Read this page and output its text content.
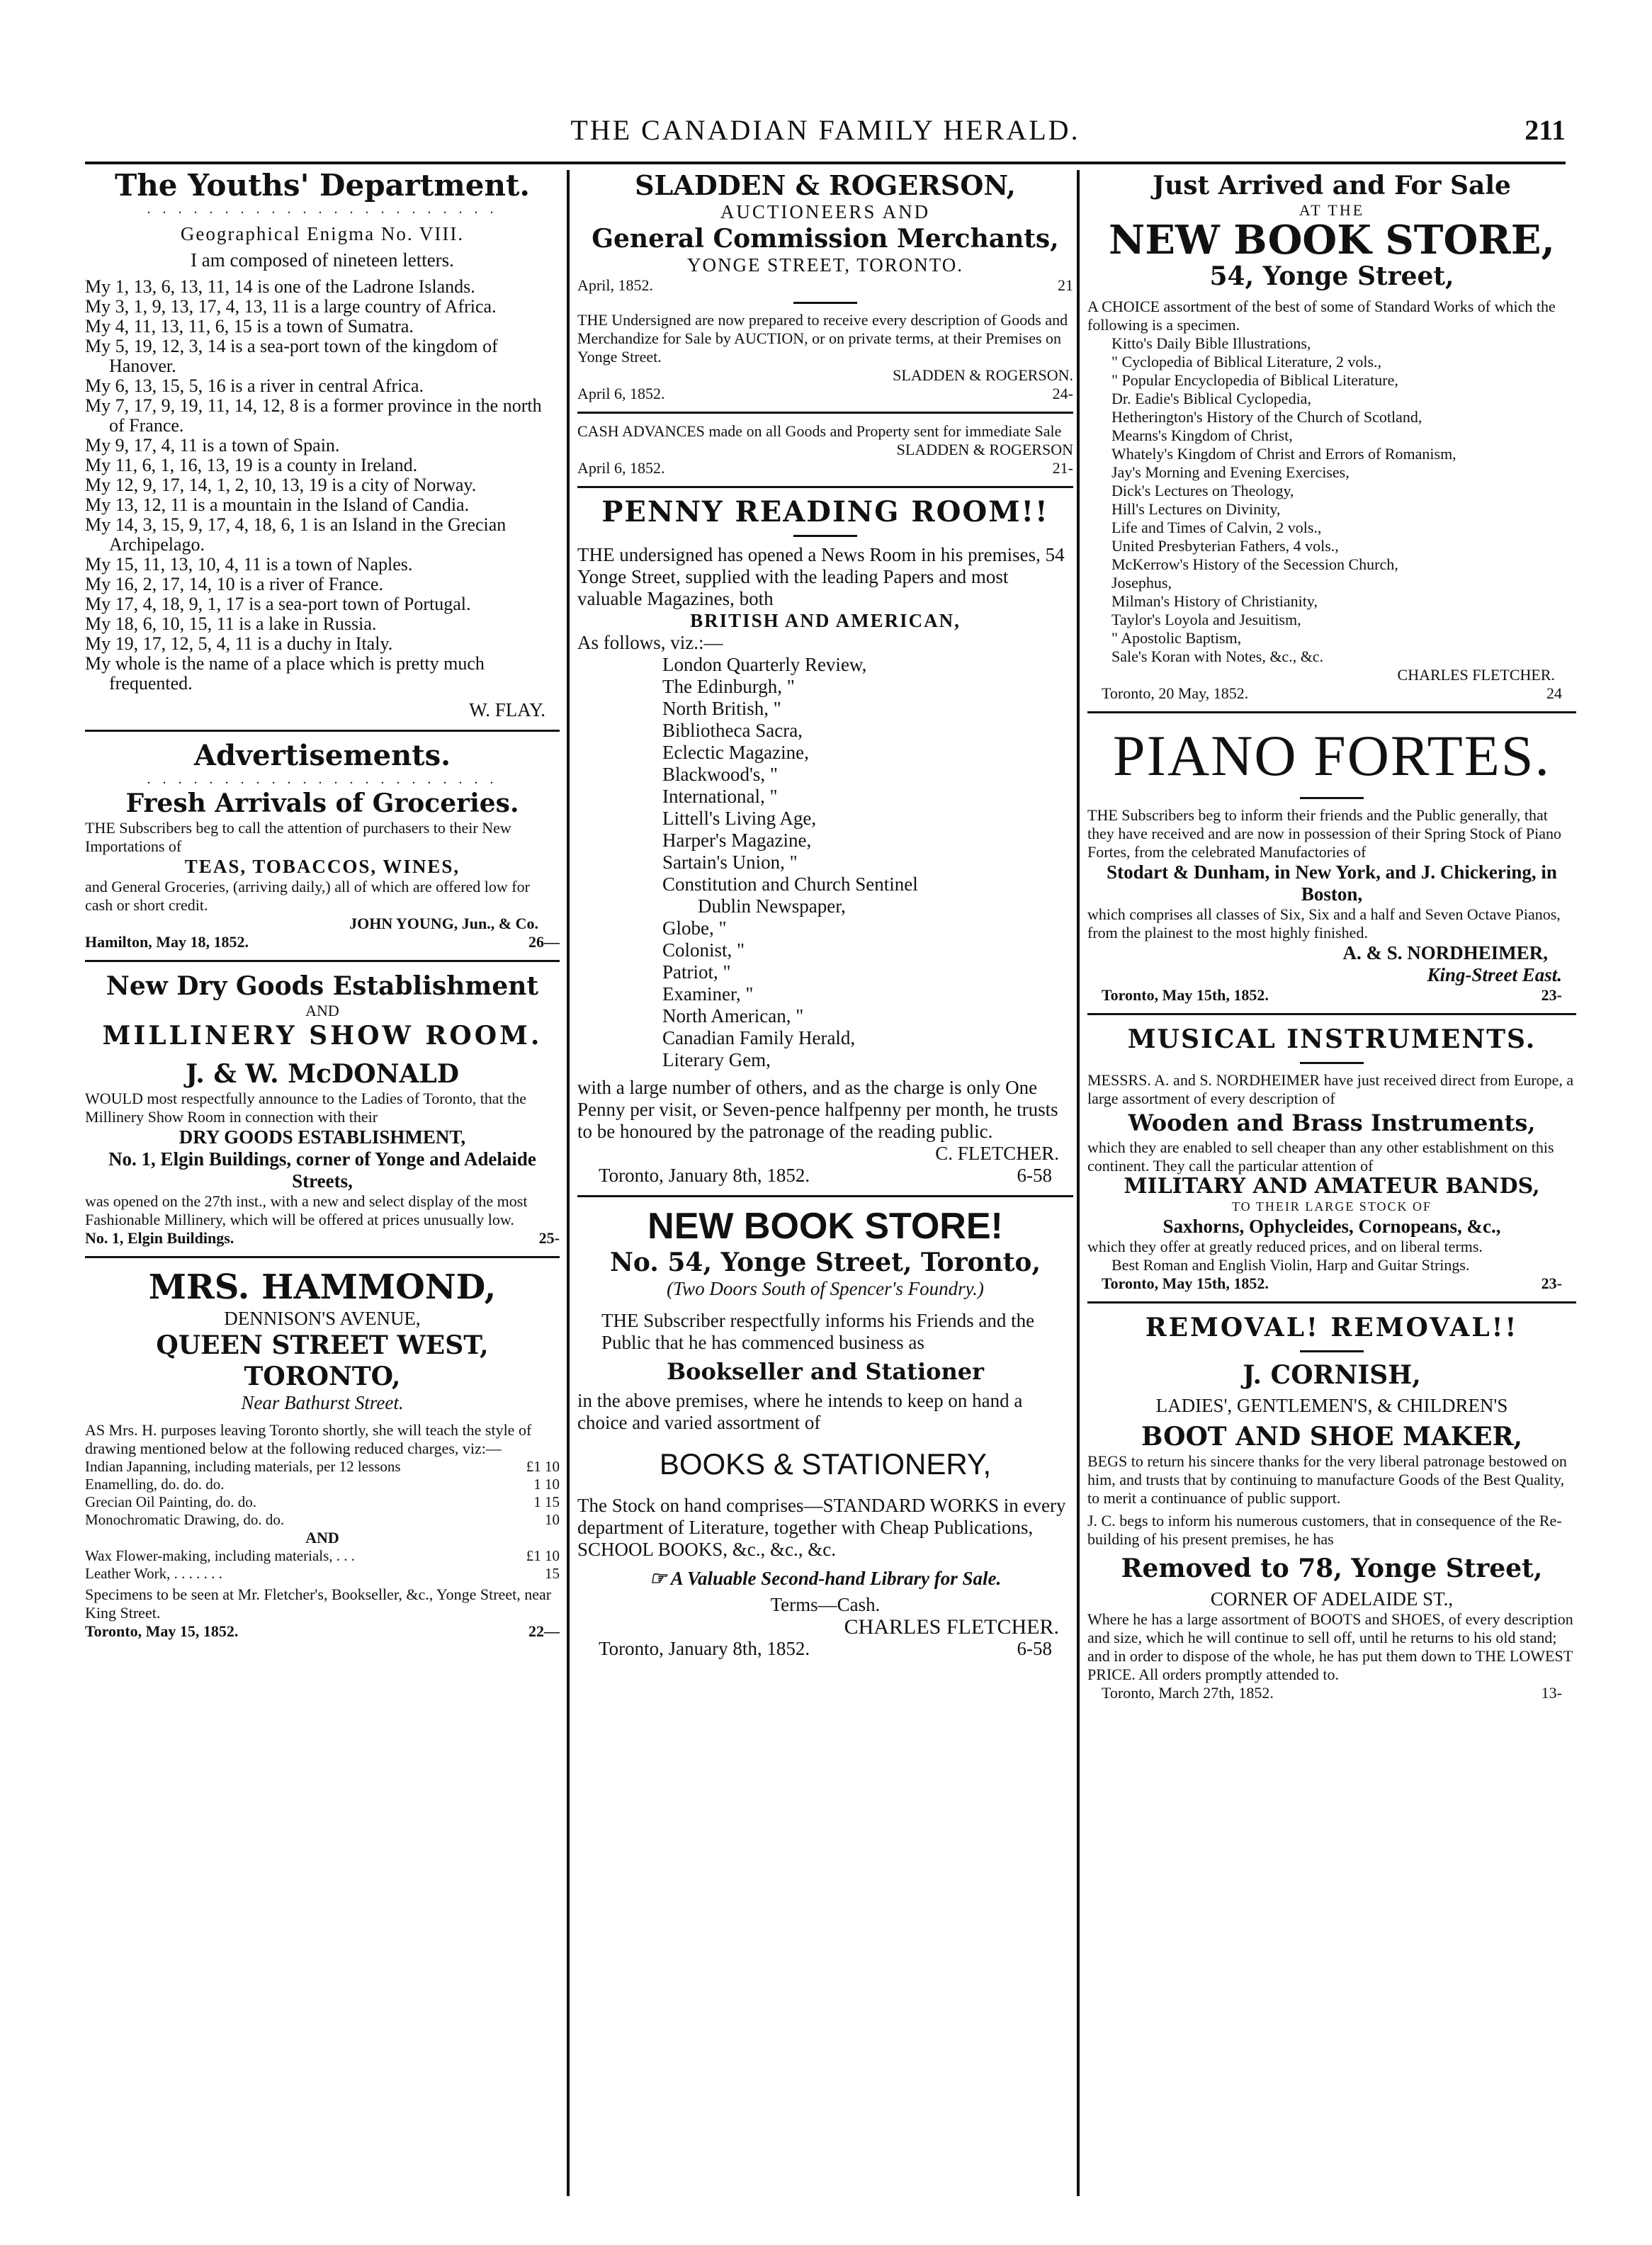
THE CANADIAN FAMILY HERALD.	211

The Youths' Department.

. . . . . . . . . . . . . . . . . . . . . . .

Geographical Enigma No. VIII.

I am composed of nineteen letters.

My 1, 13, 6, 13, 11, 14 is one of the Ladrone Islands.

My 3, 1, 9, 13, 17, 4, 13, 11 is a large country of Africa.

My 4, 11, 13, 11, 6, 15 is a town of Sumatra.

My 5, 19, 12, 3, 14 is a sea-port town of the kingdom of Hanover.

My 6, 13, 15, 5, 16 is a river in central Africa.

My 7, 17, 9, 19, 11, 14, 12, 8 is a former province in the north of France.

My 9, 17, 4, 11 is a town of Spain.

My 11, 6, 1, 16, 13, 19 is a county in Ireland.

My 12, 9, 17, 14, 1, 2, 10, 13, 19 is a city of Norway.

My 13, 12, 11 is a mountain in the Island of Candia.

My 14, 3, 15, 9, 17, 4, 18, 6, 1 is an Island in the Grecian Archipelago.

My 15, 11, 13, 10, 4, 11 is a town of Naples.

My 16, 2, 17, 14, 10 is a river of France.

My 17, 4, 18, 9, 1, 17 is a sea-port town of Portugal.

My 18, 6, 10, 15, 11 is a lake in Russia.

My 19, 17, 12, 5, 4, 11 is a duchy in Italy.

My whole is the name of a place which is pretty much frequented.

W. FLAY.

Advertisements.

. . . . . . . . . . . . . . . . . . . . . . .

Fresh Arrivals of Groceries.

THE Subscribers beg to call the attention of purchasers to their New Importations of

TEAS, TOBACCOS, WINES,

and General Groceries, (arriving daily,) all of which are offered low for cash or short credit.

JOHN YOUNG, Jun., & Co.

Hamilton, May 18, 1852.	26—

New Dry Goods Establishment

AND

MILLINERY SHOW ROOM.

J. & W. McDONALD

WOULD most respectfully announce to the Ladies of Toronto, that the Millinery Show Room in connection with their

DRY GOODS ESTABLISHMENT,

No. 1, Elgin Buildings, corner of Yonge and Adelaide Streets,

was opened on the 27th inst., with a new and select display of the most Fashionable Millinery, which will be offered at prices unusually low.

No. 1, Elgin Buildings.	25-

MRS. HAMMOND,

DENNISON'S AVENUE,

QUEEN STREET WEST, TORONTO,

Near Bathurst Street.

AS Mrs. H. purposes leaving Toronto shortly, she will teach the style of drawing mentioned below at the following reduced charges, viz:—

Indian Japanning, including materials, per 12 lessons	£1 10
Enamelling, do. do. do.	1 10
Grecian Oil Painting, do. do.	1 15
Monochromatic Drawing, do. do.	10

AND

Wax Flower-making, including materials, . . .	£1 10
Leather Work, . . . . . . .	15

Specimens to be seen at Mr. Fletcher's, Bookseller, &c., Yonge Street, near King Street.

Toronto, May 15, 1852.	22—

SLADDEN & ROGERSON,

AUCTIONEERS AND

General Commission Merchants,

YONGE STREET, TORONTO.

April, 1852.	21

THE Undersigned are now prepared to receive every description of Goods and Merchandize for Sale by AUCTION, or on private terms, at their Premises on Yonge Street.

SLADDEN & ROGERSON.

April 6, 1852.	24-

CASH ADVANCES made on all Goods and Property sent for immediate Sale

SLADDEN & ROGERSON

April 6, 1852.	21-

PENNY READING ROOM!!

THE undersigned has opened a News Room in his premises, 54 Yonge Street, supplied with the leading Papers and most valuable Magazines, both

BRITISH AND AMERICAN,

As follows, viz.:—

London Quarterly Review,

The Edinburgh, "

North British, "

Bibliotheca Sacra,

Eclectic Magazine,

Blackwood's, "

International, "

Littell's Living Age,

Harper's Magazine,

Sartain's Union, "

Constitution and Church Sentinel

Dublin Newspaper,

Globe, "

Colonist, "

Patriot, "

Examiner, "

North American, "

Canadian Family Herald,

Literary Gem,

with a large number of others, and as the charge is only One Penny per visit, or Seven-pence halfpenny per month, he trusts to be honoured by the patronage of the reading public.

C. FLETCHER.

Toronto, January 8th, 1852.	6-58

NEW BOOK STORE!

No. 54, Yonge Street, Toronto,

(Two Doors South of Spencer's Foundry.)

THE Subscriber respectfully informs his Friends and the Public that he has commenced business as

Bookseller and Stationer

in the above premises, where he intends to keep on hand a choice and varied assortment of

BOOKS & STATIONERY,

The Stock on hand comprises—STANDARD WORKS in every department of Literature, together with Cheap Publications, SCHOOL BOOKS, &c., &c., &c.

☞ A Valuable Second-hand Library for Sale.

Terms—Cash.

CHARLES FLETCHER.

Toronto, January 8th, 1852.	6-58

Just Arrived and For Sale

AT THE

NEW BOOK STORE,

54, Yonge Street,

A CHOICE assortment of the best of some of Standard Works of which the following is a specimen.

Kitto's Daily Bible Illustrations,

" Cyclopedia of Biblical Literature, 2 vols.,

" Popular Encyclopedia of Biblical Literature,

Dr. Eadie's Biblical Cyclopedia,

Hetherington's History of the Church of Scotland,

Mearns's Kingdom of Christ,

Whately's Kingdom of Christ and Errors of Romanism,

Jay's Morning and Evening Exercises,

Dick's Lectures on Theology,

Hill's Lectures on Divinity,

Life and Times of Calvin, 2 vols.,

United Presbyterian Fathers, 4 vols.,

McKerrow's History of the Secession Church,

Josephus,

Milman's History of Christianity,

Taylor's Loyola and Jesuitism,

" Apostolic Baptism,

Sale's Koran with Notes, &c., &c.

CHARLES FLETCHER.

Toronto, 20 May, 1852.	24

PIANO FORTES.

THE Subscribers beg to inform their friends and the Public generally, that they have received and are now in possession of their Spring Stock of Piano Fortes, from the celebrated Manufactories of

Stodart & Dunham, in New York, and J. Chickering, in Boston,

which comprises all classes of Six, Six and a half and Seven Octave Pianos, from the plainest to the most highly finished.

A. & S. NORDHEIMER,

King-Street East.

Toronto, May 15th, 1852.	23-

MUSICAL INSTRUMENTS.

MESSRS. A. and S. NORDHEIMER have just received direct from Europe, a large assortment of every description of

Wooden and Brass Instruments,

which they are enabled to sell cheaper than any other establishment on this continent. They call the particular attention of

MILITARY AND AMATEUR BANDS,

TO THEIR LARGE STOCK OF

Saxhorns, Ophycleides, Cornopeans, &c.,

which they offer at greatly reduced prices, and on liberal terms.

Best Roman and English Violin, Harp and Guitar Strings.

Toronto, May 15th, 1852.	23-

REMOVAL! REMOVAL!!

J. CORNISH,

LADIES', GENTLEMEN'S, & CHILDREN'S

BOOT AND SHOE MAKER,

BEGS to return his sincere thanks for the very liberal patronage bestowed on him, and trusts that by continuing to manufacture Goods of the Best Quality, to merit a continuance of public support.

J. C. begs to inform his numerous customers, that in consequence of the Re-building of his present premises, he has

Removed to 78, Yonge Street,

CORNER OF ADELAIDE ST.,

Where he has a large assortment of BOOTS and SHOES, of every description and size, which he will continue to sell off, until he returns to his old stand; and in order to dispose of the whole, he has put them down to THE LOWEST PRICE. All orders promptly attended to.

Toronto, March 27th, 1852.	13-
